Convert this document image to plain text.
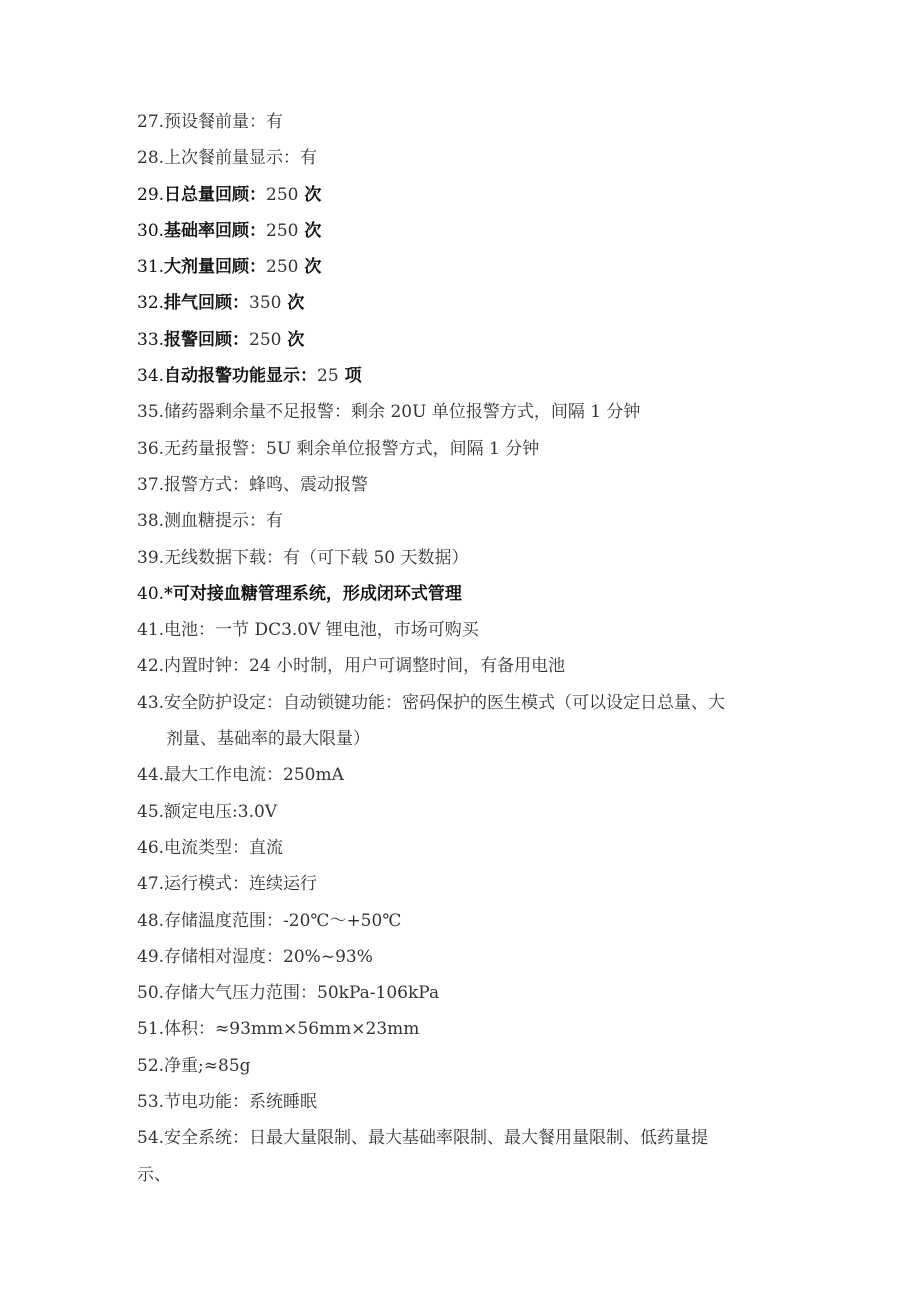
27.预设餐前量：有
28.上次餐前量显示：有
29.日总量回顾：250 次
30.基础率回顾：250 次
31.大剂量回顾：250 次
32.排气回顾：350 次
33.报警回顾：250 次
34.自动报警功能显示：25 项
35.储药器剩余量不足报警：剩余 20U 单位报警方式，间隔 1 分钟
36.无药量报警：5U 剩余单位报警方式，间隔 1 分钟
37.报警方式：蜂鸣、震动报警
38.测血糖提示：有
39.无线数据下载：有（可下载 50 天数据）
40.*可对接血糖管理系统，形成闭环式管理
41.电池：一节 DC3.0V 锂电池，市场可购买
42.内置时钟：24 小时制，用户可调整时间，有备用电池
43.安全防护设定：自动锁键功能：密码保护的医生模式（可以设定日总量、大
剂量、基础率的最大限量）
44.最大工作电流：250mA
45.额定电压:3.0V
46.电流类型：直流
47.运行模式：连续运行
48.存储温度范围：-20℃～+50℃
49.存储相对湿度：20%~93%
50.存储大气压力范围：50kPa-106kPa
51.体积：≈93mm×56mm×23mm
52.净重;≈85g
53.节电功能：系统睡眠
54.安全系统：日最大量限制、最大基础率限制、最大餐用量限制、低药量提
示、
